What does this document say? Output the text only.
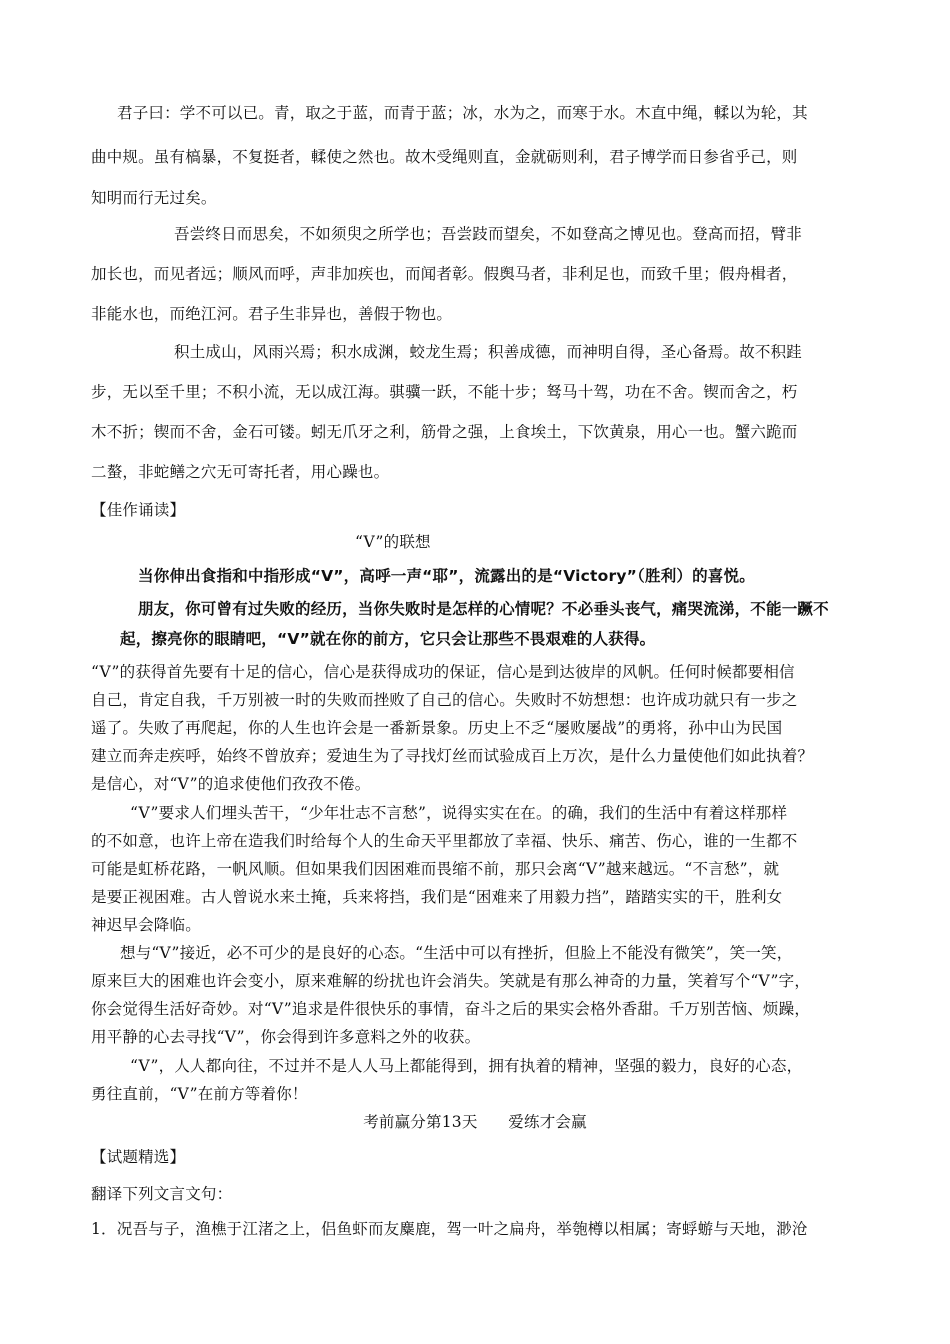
君子曰：学不可以已。青，取之于蓝，而青于蓝；冰，水为之，而寒于水。木直中绳，輮以为轮，其
曲中规。虽有槁暴，不复挺者，輮使之然也。故木受绳则直，金就砺则利，君子博学而日参省乎己，则
知明而行无过矣。
吾尝终日而思矣，不如须臾之所学也；吾尝跂而望矣，不如登高之博见也。登高而招，臂非
加长也，而见者远；顺风而呼，声非加疾也，而闻者彰。假舆马者，非利足也，而致千里；假舟楫者，
非能水也，而绝江河。君子生非异也，善假于物也。
积土成山，风雨兴焉；积水成渊，蛟龙生焉；积善成德，而神明自得，圣心备焉。故不积跬
步，无以至千里；不积小流，无以成江海。骐骥一跃，不能十步；驽马十驾，功在不舍。锲而舍之，朽
木不折；锲而不舍，金石可镂。蚓无爪牙之利，筋骨之强，上食埃土，下饮黄泉，用心一也。蟹六跪而
二螯，非蛇鳝之穴无可寄托者，用心躁也。
【佳作诵读】
“V”的联想
当你伸出食指和中指形成“V”，高呼一声“耶”，流露出的是“Victory”（胜利）的喜悦。
朋友，你可曾有过失败的经历，当你失败时是怎样的心情呢？不必垂头丧气，痛哭流涕，不能一蹶不
起，擦亮你的眼睛吧，“V”就在你的前方，它只会让那些不畏艰难的人获得。
“V”的获得首先要有十足的信心，信心是获得成功的保证，信心是到达彼岸的风帆。任何时候都要相信
自己，肯定自我，千万别被一时的失败而挫败了自己的信心。失败时不妨想想：也许成功就只有一步之
遥了。失败了再爬起，你的人生也许会是一番新景象。历史上不乏“屡败屡战”的勇将，孙中山为民国
建立而奔走疾呼，始终不曾放弃；爱迪生为了寻找灯丝而试验成百上万次，是什么力量使他们如此执着？
是信心，对“V”的追求使他们孜孜不倦。
“V”要求人们埋头苦干，“少年壮志不言愁”，说得实实在在。的确，我们的生活中有着这样那样
的不如意，也许上帝在造我们时给每个人的生命天平里都放了幸福、快乐、痛苦、伤心，谁的一生都不
可能是虹桥花路，一帆风顺。但如果我们因困难而畏缩不前，那只会离“V”越来越远。“不言愁”，就
是要正视困难。古人曾说水来土掩，兵来将挡，我们是“困难来了用毅力挡”，踏踏实实的干，胜利女
神迟早会降临。
想与“V”接近，必不可少的是良好的心态。“生活中可以有挫折，但脸上不能没有微笑”，笑一笑，
原来巨大的困难也许会变小，原来难解的纷扰也许会消失。笑就是有那么神奇的力量，笑着写个“V”字，
你会觉得生活好奇妙。对“V”追求是件很快乐的事情，奋斗之后的果实会格外香甜。千万别苦恼、烦躁，
用平静的心去寻找“V”，你会得到许多意料之外的收获。
“V”，人人都向往，不过并不是人人马上都能得到，拥有执着的精神，坚强的毅力，良好的心态，
勇往直前，“V”在前方等着你！
考前赢分第13天      爱练才会赢
【试题精选】
翻译下列文言文句：
1．况吾与子，渔樵于江渚之上，侣鱼虾而友麋鹿，驾一叶之扁舟，举匏樽以相属；寄蜉蝣与天地，渺沧
